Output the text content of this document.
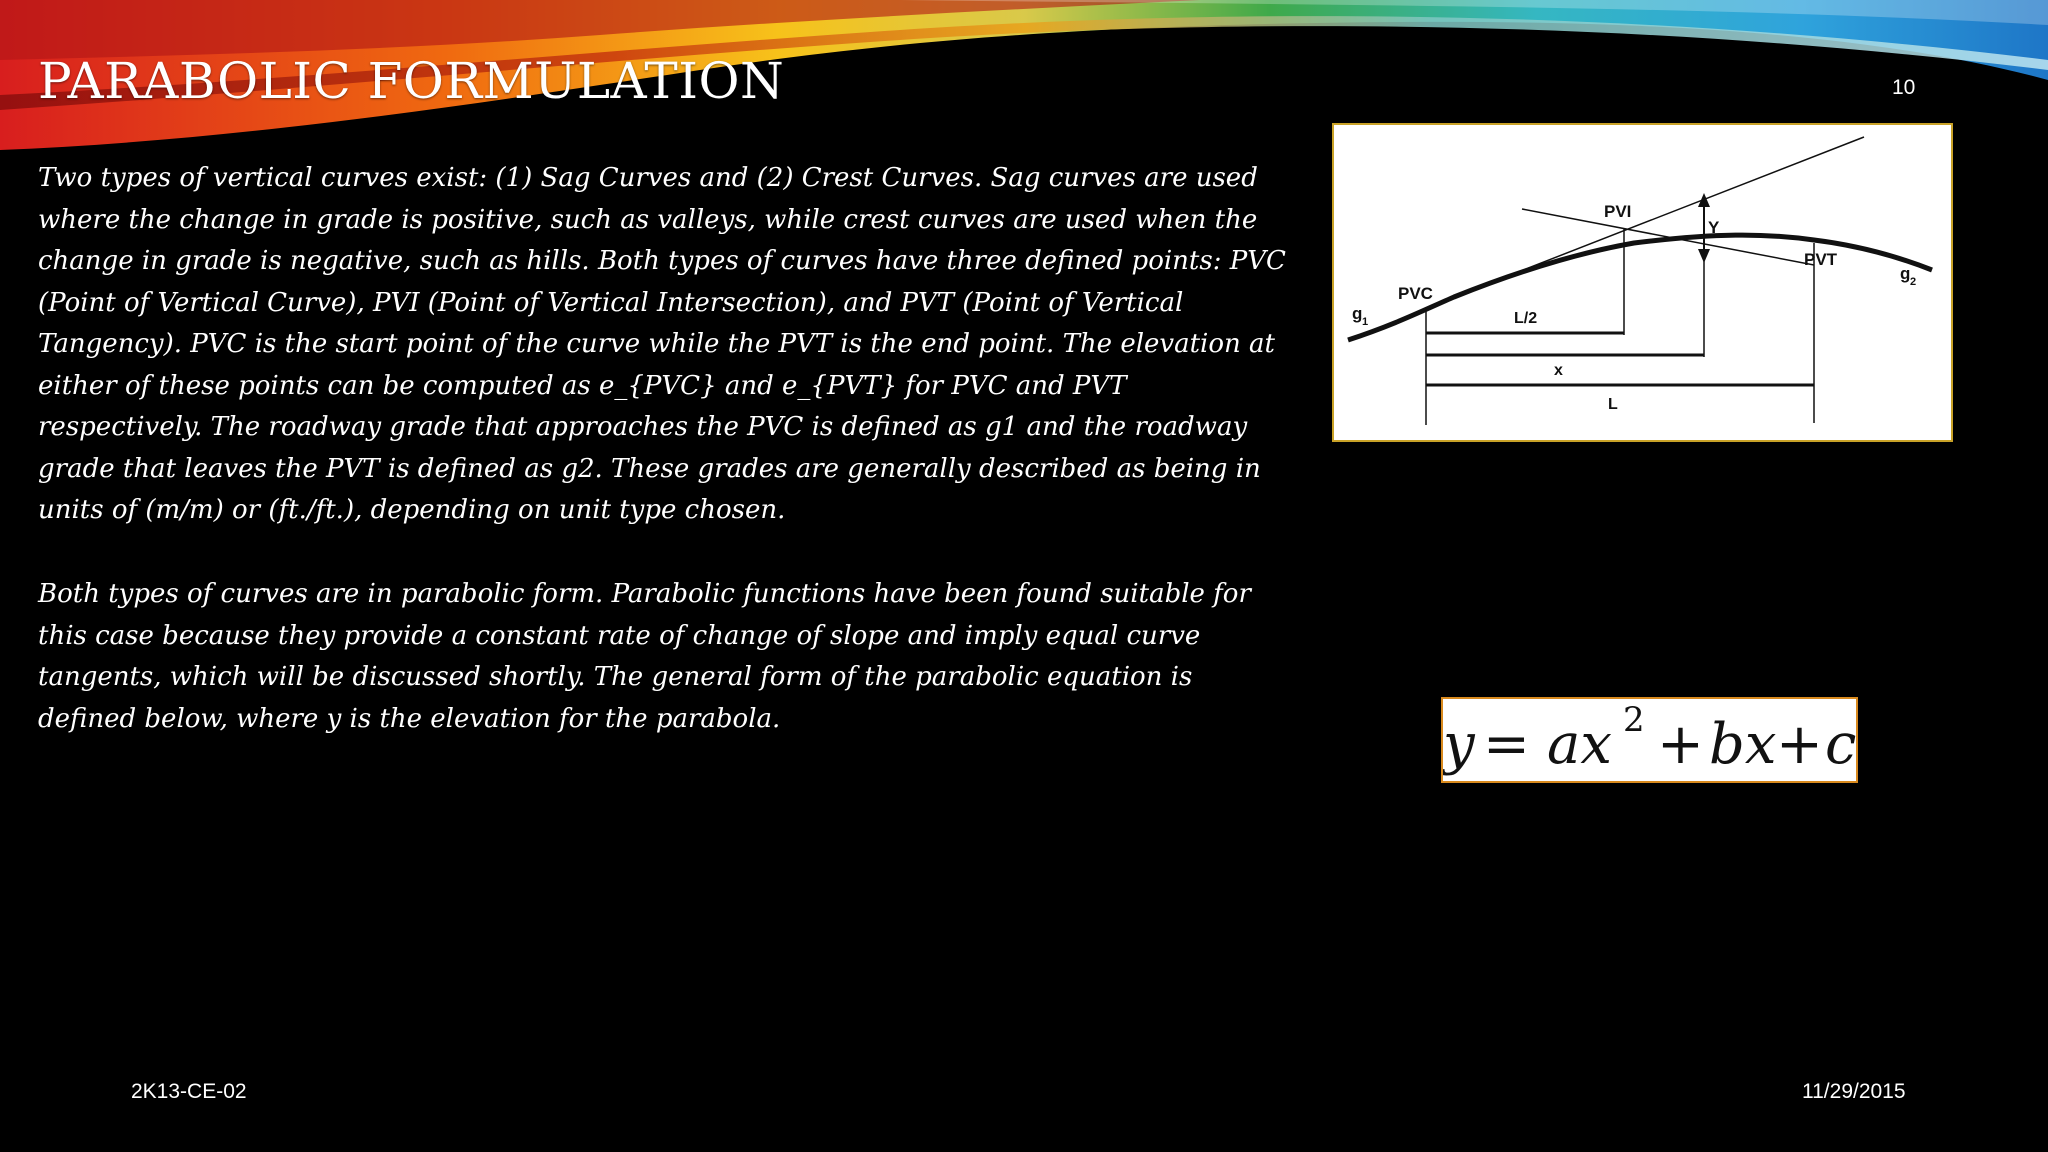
PARABOLIC FORMULATION	10

Two types of vertical curves exist: (1) Sag Curves and (2) Crest Curves. Sag curves are used where the change in grade is positive, such as valleys, while crest curves are used when the change in grade is negative, such as hills. Both types of curves have three defined points: PVC (Point of Vertical Curve), PVI (Point of Vertical Intersection), and PVT (Point of Vertical Tangency). PVC is the start point of the curve while the PVT is the end point. The elevation at either of these points can be computed as e_{PVC} and e_{PVT} for PVC and PVT respectively. The roadway grade that approaches the PVC is defined as g1 and the roadway grade that leaves the PVT is defined as g2. These grades are generally described as being in units of (m/m) or (ft./ft.), depending on unit type chosen.

Both types of curves are in parabolic form. Parabolic functions have been found suitable for this case because they provide a constant rate of change of slope and imply equal curve tangents, which will be discussed shortly. The general form of the parabolic equation is defined below, where y is the elevation for the parabola.

PVI
PVC
PVT
Y
L/2
x
L
g 1
g 2
y = ax 2 + bx + c
2K13-CE-02	11/29/2015
